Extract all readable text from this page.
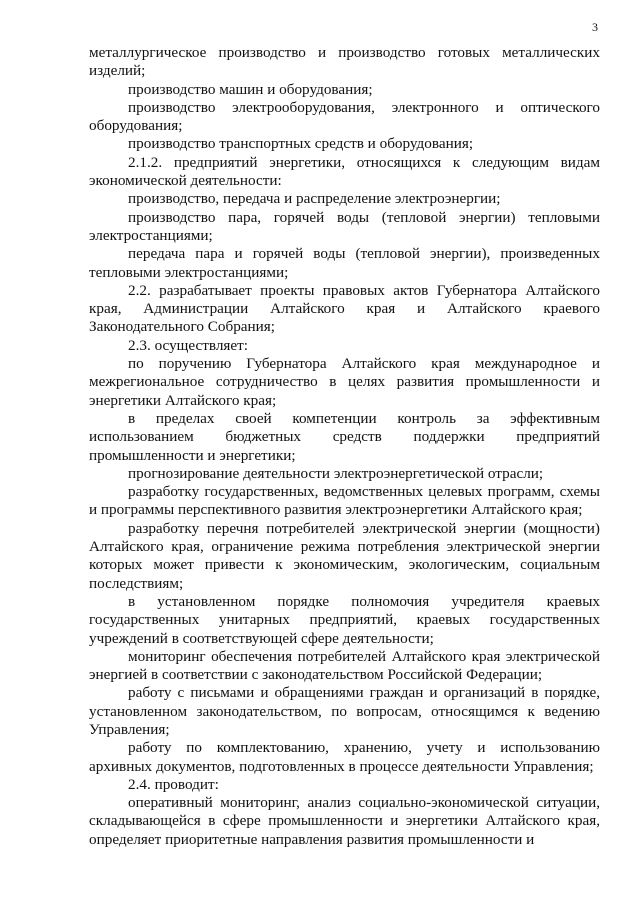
3

металлургическое производство и производство готовых металлических изделий;

производство машин и оборудования;

производство электрооборудования, электронного и оптического оборудования;

производство транспортных средств и оборудования;

2.1.2. предприятий энергетики, относящихся к следующим видам экономической деятельности:

производство, передача и распределение электроэнергии;

производство пара, горячей воды (тепловой энергии) тепловыми электростанциями;

передача пара и горячей воды (тепловой энергии), произведенных тепловыми электростанциями;

2.2. разрабатывает проекты правовых актов Губернатора Алтайского края, Администрации Алтайского края и Алтайского краевого Законодательного Собрания;

2.3. осуществляет:

по поручению Губернатора Алтайского края международное и межрегиональное сотрудничество в целях развития промышленности и энергетики Алтайского края;

в пределах своей компетенции контроль за эффективным использованием бюджетных средств поддержки предприятий промышленности и энергетики;

прогнозирование деятельности электроэнергетической отрасли;

разработку государственных, ведомственных целевых программ, схемы и программы перспективного развития электроэнергетики Алтайского края;

разработку перечня потребителей электрической энергии (мощности) Алтайского края, ограничение режима потребления электрической энергии которых может привести к экономическим, экологическим, социальным последствиям;

в установленном порядке полномочия учредителя краевых государственных унитарных предприятий, краевых государственных учреждений в соответствующей сфере деятельности;

мониторинг обеспечения потребителей Алтайского края электрической энергией в соответствии с законодательством Российской Федерации;

работу с письмами и обращениями граждан и организаций в порядке, установленном законодательством, по вопросам, относящимся к ведению Управления;

работу по комплектованию, хранению, учету и использованию архивных документов, подготовленных в процессе деятельности Управления;

2.4. проводит:

оперативный мониторинг, анализ социально-экономической ситуации, складывающейся в сфере промышленности и энергетики Алтайского края, определяет приоритетные направления развития промышленности и
